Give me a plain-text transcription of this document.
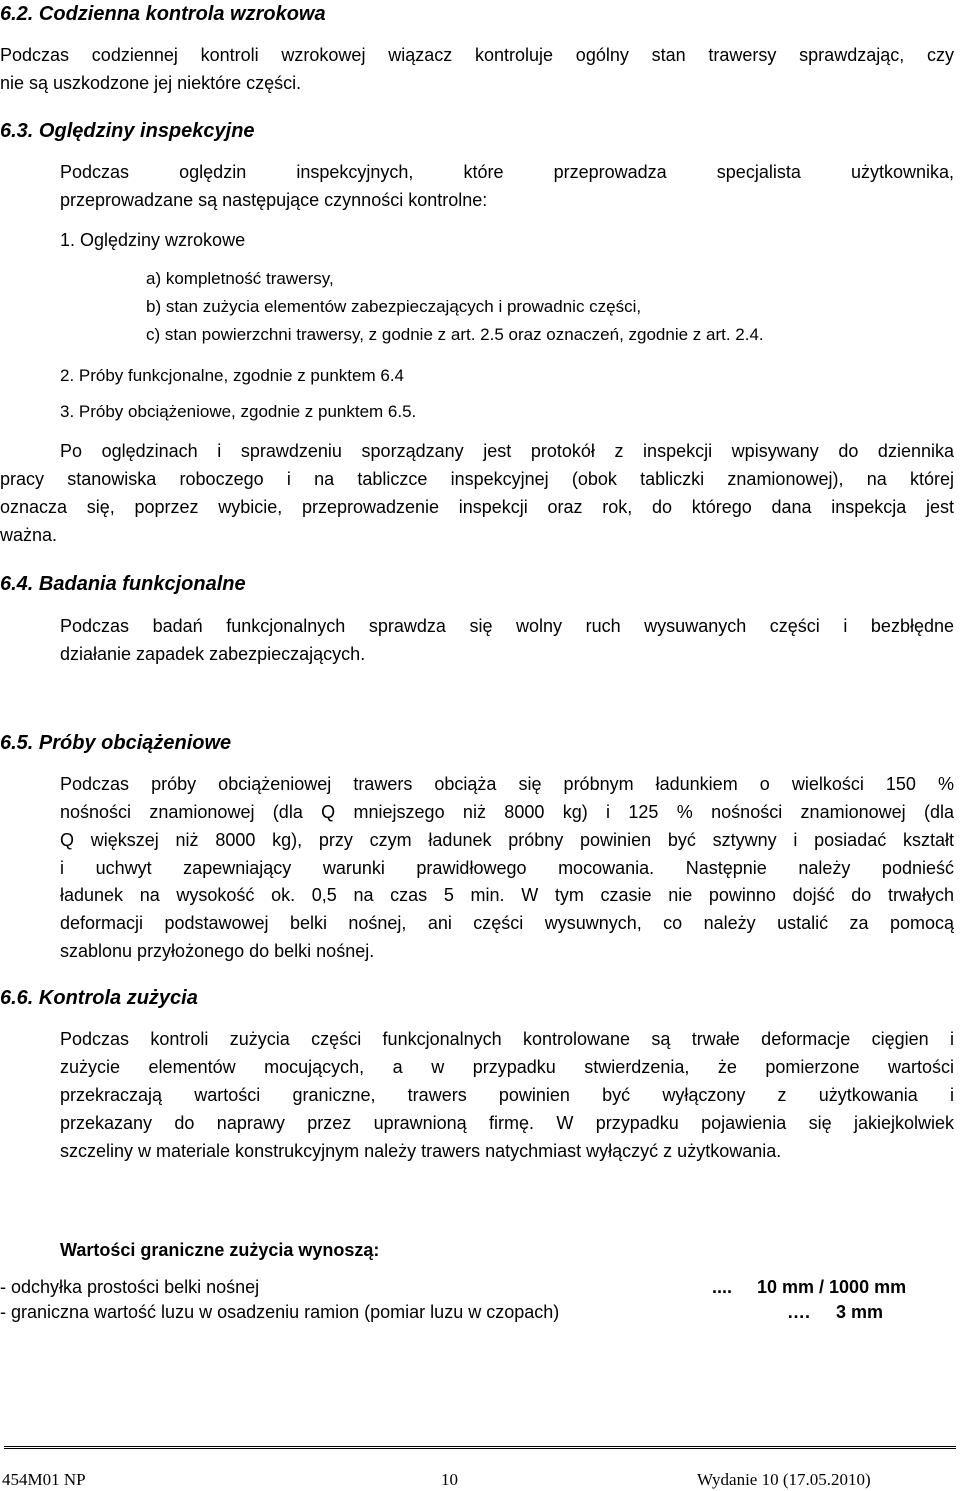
6.2. Codzienna kontrola wzrokowa
Podczas codziennej kontroli wzrokowej wiązacz kontroluje ogólny stan trawersy sprawdzając, czy
nie są uszkodzone jej niektóre części.
6.3. Oględziny inspekcyjne
Podczas oględzin inspekcyjnych, które przeprowadza specjalista użytkownika,
przeprowadzane są następujące czynności kontrolne:
1. Oględziny wzrokowe
a) kompletność trawersy,
b) stan zużycia elementów zabezpieczających i prowadnic części,
c) stan powierzchni trawersy, z godnie z art. 2.5 oraz oznaczeń, zgodnie z art. 2.4.
2. Próby funkcjonalne, zgodnie z punktem 6.4
3. Próby obciążeniowe, zgodnie z punktem 6.5.
Po oględzinach i sprawdzeniu sporządzany jest protokół z inspekcji wpisywany do dziennika
pracy stanowiska roboczego i na tabliczce inspekcyjnej (obok tabliczki znamionowej), na której
oznacza się, poprzez wybicie, przeprowadzenie inspekcji oraz rok, do którego dana inspekcja jest
ważna.
6.4. Badania funkcjonalne
Podczas badań funkcjonalnych sprawdza się wolny ruch wysuwanych części i bezbłędne
działanie zapadek zabezpieczających.
6.5. Próby obciążeniowe
Podczas próby obciążeniowej trawers obciąża się próbnym ładunkiem o wielkości 150 %
nośności znamionowej (dla Q mniejszego niż 8000 kg) i 125 % nośności znamionowej (dla
Q większej niż 8000 kg), przy czym ładunek próbny powinien być sztywny i posiadać kształt
i uchwyt zapewniający warunki prawidłowego mocowania. Następnie należy podnieść
ładunek na wysokość ok. 0,5 na czas 5 min. W tym czasie nie powinno dojść do trwałych
deformacji podstawowej belki nośnej, ani części wysuwnych, co należy ustalić za pomocą
szablonu przyłożonego do belki nośnej.
6.6. Kontrola zużycia
Podczas kontroli zużycia części funkcjonalnych kontrolowane są trwałe deformacje cięgien i
zużycie elementów mocujących, a w przypadku stwierdzenia, że pomierzone wartości
przekraczają wartości graniczne, trawers powinien być wyłączony z użytkowania i
przekazany do naprawy przez uprawnioną firmę. W przypadku pojawienia się jakiejkolwiek
szczeliny w materiale konstrukcyjnym należy trawers natychmiast wyłączyć z użytkowania.
Wartości graniczne zużycia wynoszą:
- odchyłka prostości belki nośnej	.... 10 mm / 1000 mm
- graniczna wartość luzu w osadzeniu ramion (pomiar luzu w czopach)	…. 3 mm
454M01 NP	10	Wydanie 10 (17.05.2010)
